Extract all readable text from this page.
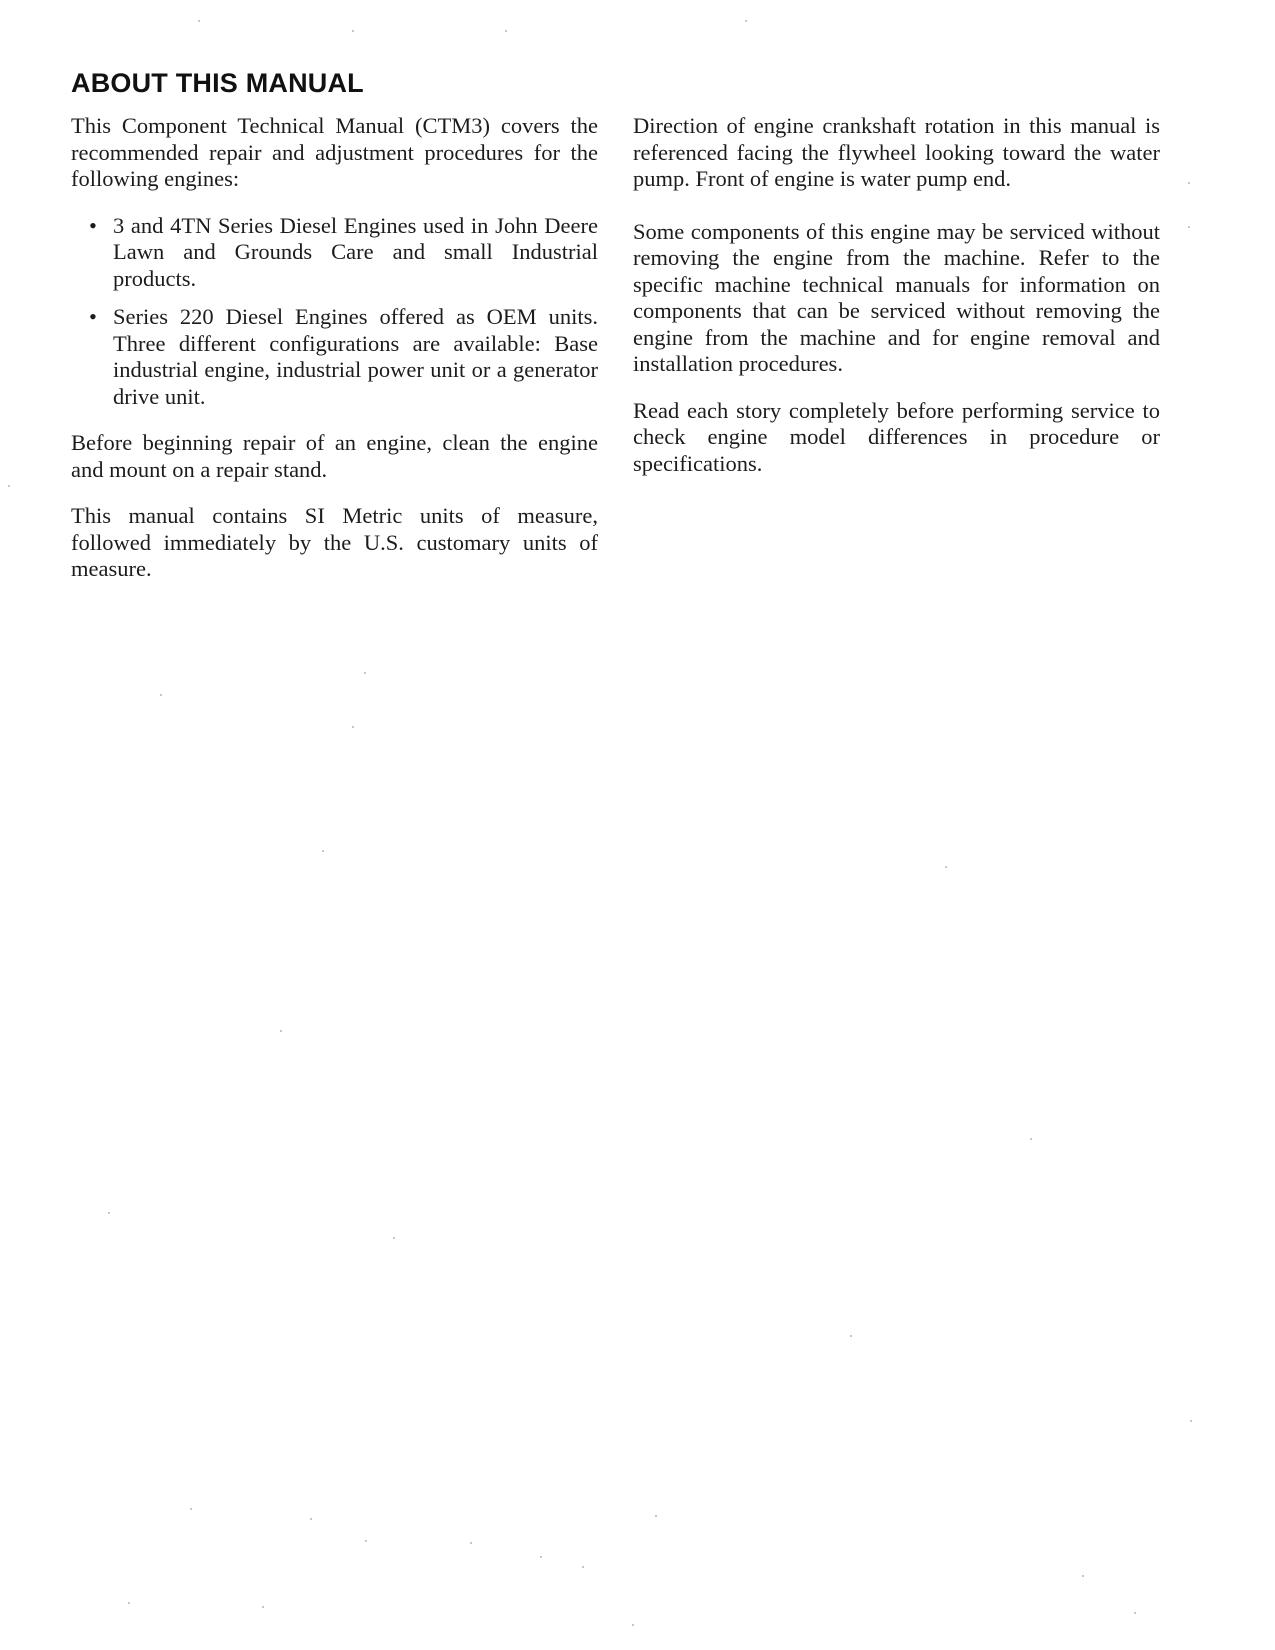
ABOUT THIS MANUAL

This Component Technical Manual (CTM3) covers the recommended repair and adjustment procedures for the following engines:

• 3 and 4TN Series Diesel Engines used in John Deere Lawn and Grounds Care and small Industrial products.
• Series 220 Diesel Engines offered as OEM units. Three different configurations are available: Base industrial engine, industrial power unit or a generator drive unit.

Before beginning repair of an engine, clean the engine and mount on a repair stand.

This manual contains SI Metric units of measure, followed immediately by the U.S. customary units of measure.

Direction of engine crankshaft rotation in this manual is referenced facing the flywheel looking toward the water pump. Front of engine is water pump end.

Some components of this engine may be serviced without removing the engine from the machine. Refer to the specific machine technical manuals for information on components that can be serviced without removing the engine from the machine and for engine removal and installation procedures.

Read each story completely before performing service to check engine model differences in procedure or specifications.
